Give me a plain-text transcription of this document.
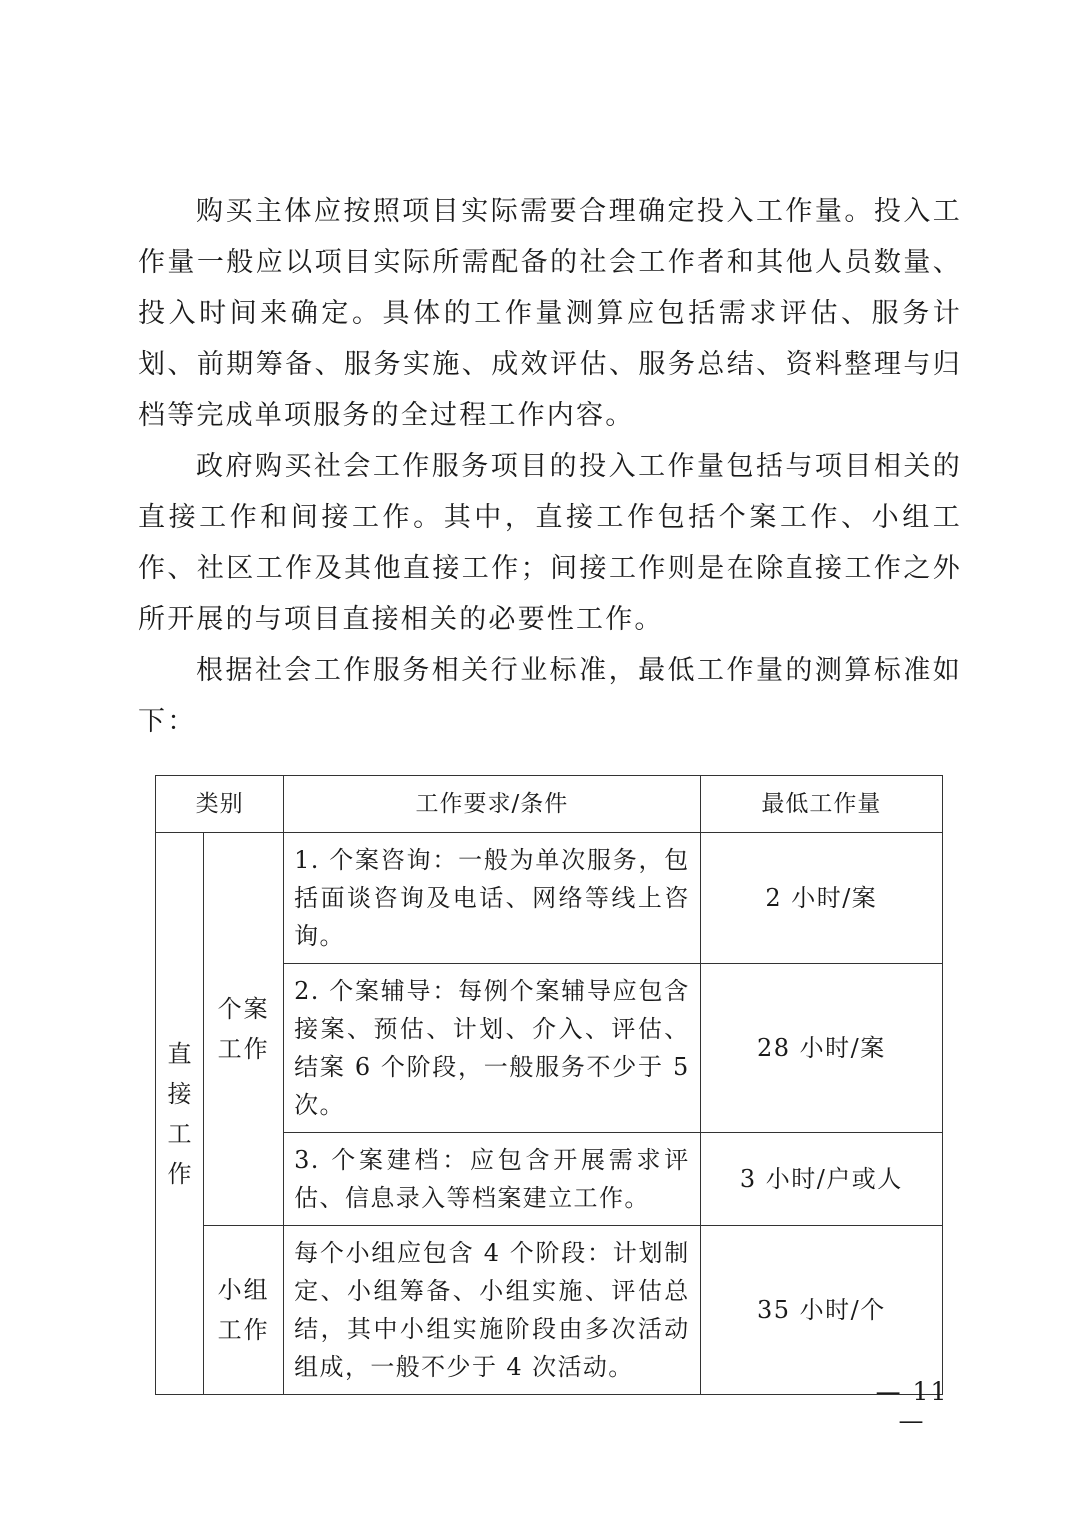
购买主体应按照项目实际需要合理确定投入工作量。投入工作量一般应以项目实际所需配备的社会工作者和其他人员数量、投入时间来确定。具体的工作量测算应包括需求评估、服务计划、前期筹备、服务实施、成效评估、服务总结、资料整理与归档等完成单项服务的全过程工作内容。

政府购买社会工作服务项目的投入工作量包括与项目相关的直接工作和间接工作。其中，直接工作包括个案工作、小组工作、社区工作及其他直接工作；间接工作则是在除直接工作之外所开展的与项目直接相关的必要性工作。

根据社会工作服务相关行业标准，最低工作量的测算标准如下：

类别		工作要求/条件	最低工作量

直接工作	个案工作	1. 个案咨询：一般为单次服务，包括面谈咨询及电话、网络等线上咨询。	2 小时/案
		2. 个案辅导：每例个案辅导应包含接案、预估、计划、介入、评估、结案 6 个阶段，一般服务不少于 5 次。	28 小时/案
		3. 个案建档：应包含开展需求评估、信息录入等档案建立工作。	3 小时/户或人

	小组工作	每个小组应包含 4 个阶段：计划制定、小组筹备、小组实施、评估总结，其中小组实施阶段由多次活动组成，一般不少于 4 次活动。	35 小时/个
— 11 —
